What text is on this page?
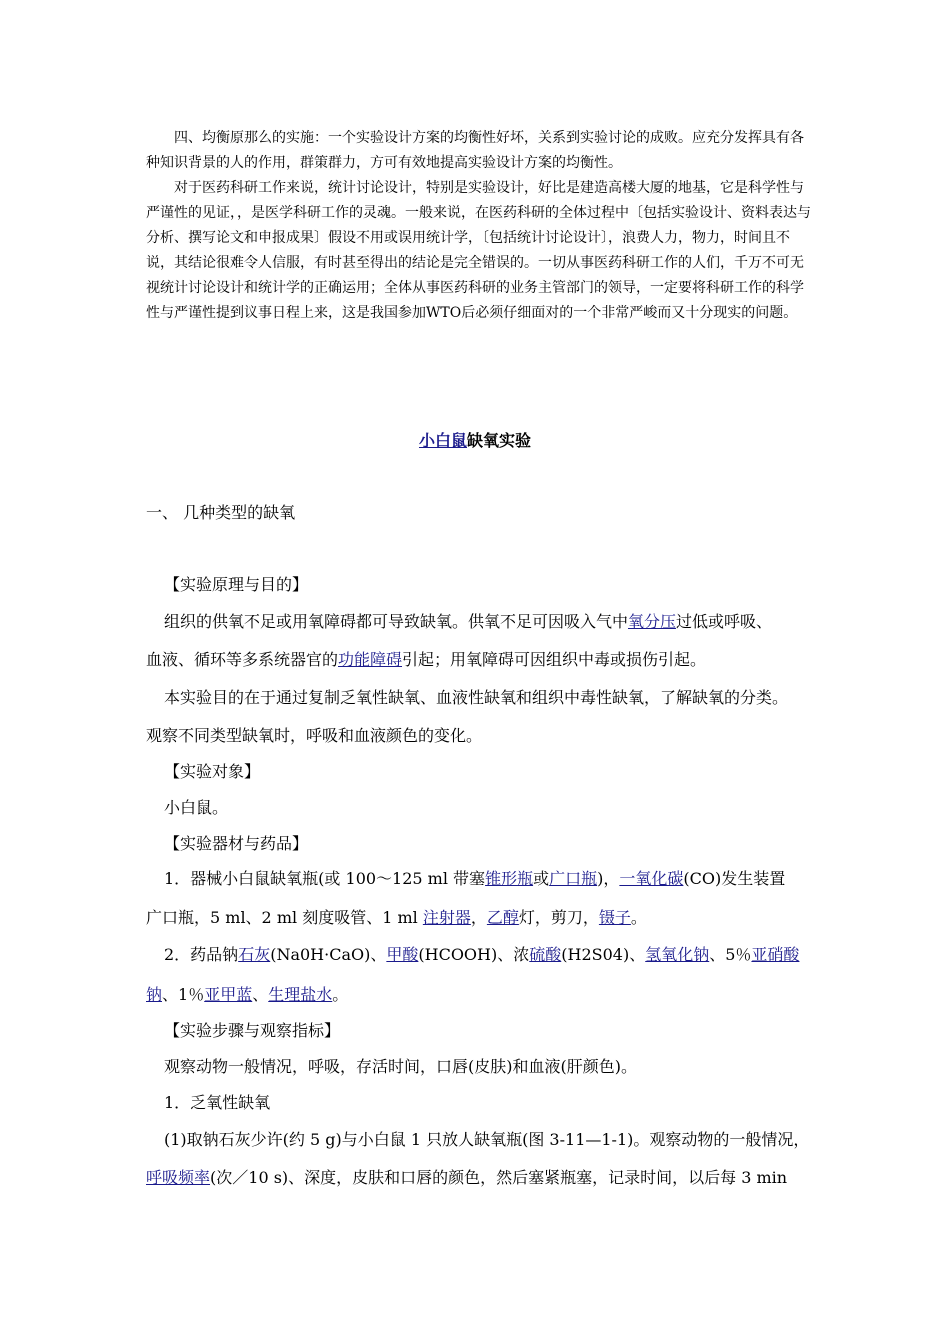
四、均衡原那么的实施：一个实验设计方案的均衡性好坏，关系到实验讨论的成败。应充分发挥具有各种知识背景的人的作用，群策群力，方可有效地提高实验设计方案的均衡性。

对于医药科研工作来说，统计讨论设计，特别是实验设计，好比是建造高楼大厦的地基，它是科学性与严谨性的见证，，是医学科研工作的灵魂。一般来说，在医药科研的全体过程中〔包括实验设计、资料表达与分析、撰写论文和申报成果〕假设不用或误用统计学，〔包括统计讨论设计〕，浪费人力，物力，时间且不说，其结论很难令人信服，有时甚至得出的结论是完全错误的。一切从事医药科研工作的人们，千万不可无视统计讨论设计和统计学的正确运用；全体从事医药科研的业务主管部门的领导，一定要将科研工作的科学性与严谨性提到议事日程上来，这是我国参加WTO后必须仔细面对的一个非常严峻而又十分现实的问题。

小白鼠缺氧实验
一、 几种类型的缺氧
【实验原理与目的】
组织的供氧不足或用氧障碍都可导致缺氧。供氧不足可因吸入气中氧分压过低或呼吸、
血液、循环等多系统器官的功能障碍引起；用氧障碍可因组织中毒或损伤引起。
本实验目的在于通过复制乏氧性缺氧、血液性缺氧和组织中毒性缺氧，了解缺氧的分类。
观察不同类型缺氧时，呼吸和血液颜色的变化。
【实验对象】
小白鼠。
【实验器材与药品】
1．器械小白鼠缺氧瓶(或 100～125 ml 带塞锥形瓶或广口瓶)，一氧化碳(CO)发生装置
广口瓶，5 ml、2 ml 刻度吸管、1 ml 注射器，乙醇灯，剪刀，镊子。
2．药品钠石灰(Na0H·CaO)、甲酸(HCOOH)、浓硫酸(H2S04)、氢氧化钠、5％亚硝酸
钠、1％亚甲蓝、生理盐水。
【实验步骤与观察指标】
观察动物一般情况，呼吸，存活时间，口唇(皮肤)和血液(肝颜色)。
1．乏氧性缺氧
(1)取钠石灰少许(约 5 g)与小白鼠 1 只放人缺氧瓶(图 3-11—1-1)。观察动物的一般情况，
呼吸频率(次／10 s)、深度，皮肤和口唇的颜色，然后塞紧瓶塞，记录时间，以后每 3 min
